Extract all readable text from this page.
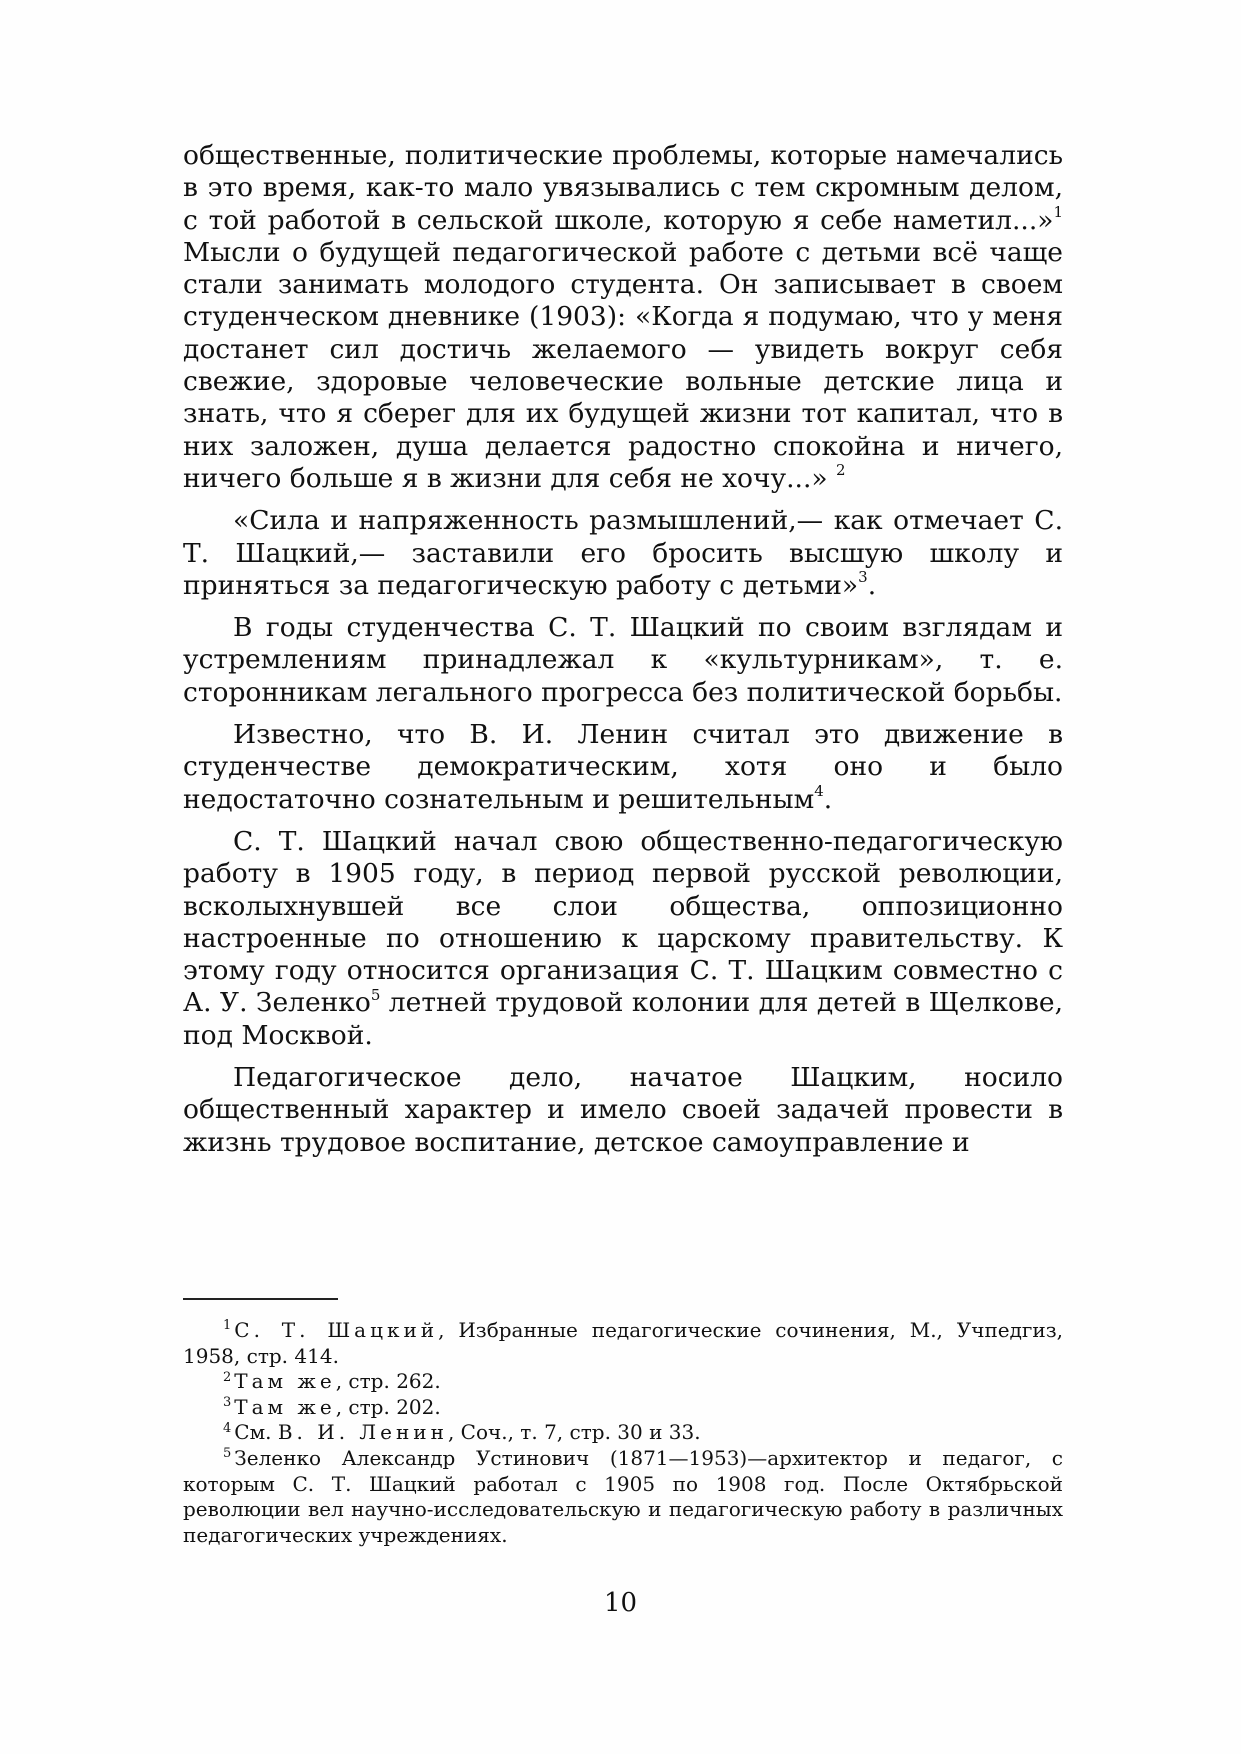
общественные, политические проблемы, которые намечались в это время, как-то мало увязывались с тем скромным делом, с той работой в сельской школе, которую я себе наметил...»$^1$ Мысли о будущей педагогической работе с детьми всё чаще стали занимать молодого студента. Он записывает в своем студенческом дневнике (1903): «Когда я подумаю, что у меня достанет сил достичь желаемого — увидеть вокруг себя свежие, здоровые человеческие вольные детские лица и знать, что я сберег для их будущей жизни тот капитал, что в них заложен, душа делается радостно спокойна и ничего, ничего больше я в жизни для себя не хочу...» $^2$

«Сила и напряженность размышлений,— как отмечает С. Т. Шацкий,— заставили его бросить высшую школу и приняться за педагогическую работу с детьми»$^3$.

В годы студенчества С. Т. Шацкий по своим взглядам и устремлениям принадлежал к «культурникам», т. е. сторонникам легального прогресса без политической борьбы.

Известно, что В. И. Ленин считал это движение в студенчестве демократическим, хотя оно и было недостаточно сознательным и решительным$^4$.

С. Т. Шацкий начал свою общественно-педагогическую работу в 1905 году, в период первой русской революции, всколыхнувшей все слои общества, оппозиционно настроенные по отношению к царскому правительству. К этому году относится организация С. Т. Шацким совместно с А. У. Зеленко$^5$ летней трудовой колонии для детей в Щелкове, под Москвой.

Педагогическое дело, начатое Шацким, носило общественный характер и имело своей задачей провести в жизнь трудовое воспитание, детское самоуправление и

$^1$ С. Т. Шацкий, Избранные педагогические сочинения, М., Учпедгиз, 1958, стр. 414.

$^2$ Там же, стр. 262.

$^3$ Там же, стр. 202.

$^4$ См. В. И. Ленин, Соч., т. 7, стр. 30 и 33.

$^5$ Зеленко Александр Устинович (1871—1953)—архитектор и педагог, с которым С. Т. Шацкий работал с 1905 по 1908 год. После Октябрьской революции вел научно-исследовательскую и педагогическую работу в различных педагогических учреждениях.

10
